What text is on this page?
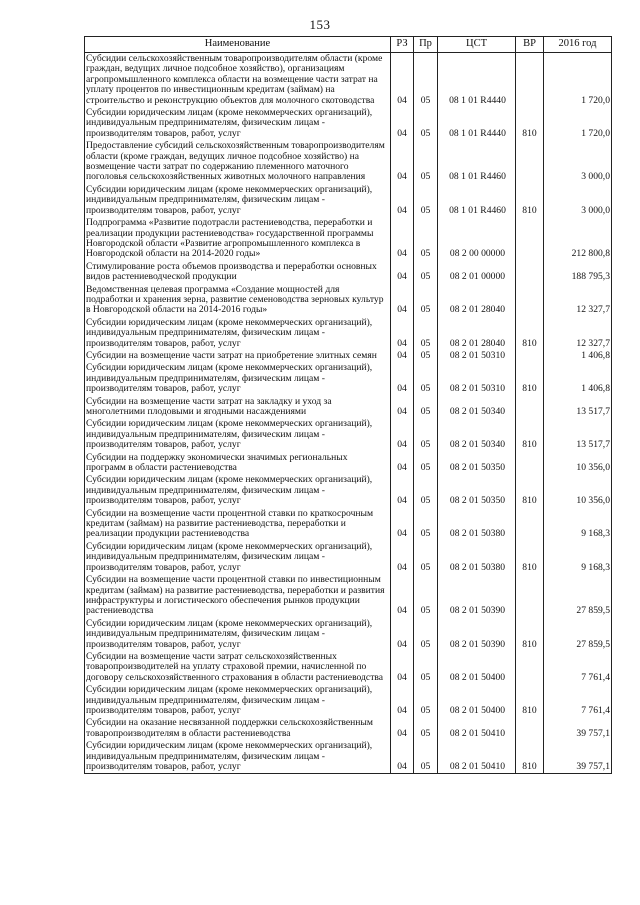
153
Наименование	РЗ	Пр	ЦСТ	ВР	2016 год
Субсидии сельскохозяйственным товаропроизводителям области (кроме граждан, ведущих личное подсобное хозяйство), организациям агропромышленного комплекса области на возмещение части затрат на уплату процентов по инвестиционным кредитам (займам) на строительство и реконструкцию объектов для молочного скотоводства	04	05	08 1 01 R4440		1 720,0
Субсидии юридическим лицам (кроме некоммерческих организаций), индивидуальным предпринимателям, физическим лицам - производителям товаров, работ, услуг	04	05	08 1 01 R4440	810	1 720,0
Предоставление субсидий сельскохозяйственным товаропроизводителям области (кроме граждан, ведущих личное подсобное хозяйство) на возмещение части затрат по содержанию племенного маточного поголовья сельскохозяйственных животных молочного направления	04	05	08 1 01 R4460		3 000,0
Субсидии юридическим лицам (кроме некоммерческих организаций), индивидуальным предпринимателям, физическим лицам - производителям товаров, работ, услуг	04	05	08 1 01 R4460	810	3 000,0
Подпрограмма «Развитие подотрасли растениеводства, переработки и реализации продукции растениеводства» государственной программы Новгородской области «Развитие агропромышленного комплекса в Новгородской области на 2014-2020 годы»	04	05	08 2 00 00000		212 800,8
Стимулирование роста объемов производства и переработки основных видов растениеводческой продукции	04	05	08 2 01 00000		188 795,3
Ведомственная целевая программа «Создание мощностей для подработки и хранения зерна, развитие семеноводства зерновых культур в Новгородской области на 2014-2016 годы»	04	05	08 2 01 28040		12 327,7
Субсидии юридическим лицам (кроме некоммерческих организаций), индивидуальным предпринимателям, физическим лицам - производителям товаров, работ, услуг	04	05	08 2 01 28040	810	12 327,7
Субсидии на возмещение части затрат на приобретение элитных семян	04	05	08 2 01 50310		1 406,8
Субсидии юридическим лицам (кроме некоммерческих организаций), индивидуальным предпринимателям, физическим лицам - производителям товаров, работ, услуг	04	05	08 2 01 50310	810	1 406,8
Субсидии на возмещение части затрат на закладку и уход за многолетними плодовыми и ягодными насаждениями	04	05	08 2 01 50340		13 517,7
Субсидии юридическим лицам (кроме некоммерческих организаций), индивидуальным предпринимателям, физическим лицам - производителям товаров, работ, услуг	04	05	08 2 01 50340	810	13 517,7
Субсидии на поддержку экономически значимых региональных программ в области растениеводства	04	05	08 2 01 50350		10 356,0
Субсидии юридическим лицам (кроме некоммерческих организаций), индивидуальным предпринимателям, физическим лицам - производителям товаров, работ, услуг	04	05	08 2 01 50350	810	10 356,0
Субсидии на возмещение части процентной ставки по краткосрочным кредитам (займам) на развитие растениеводства, переработки и реализации продукции растениеводства	04	05	08 2 01 50380		9 168,3
Субсидии юридическим лицам (кроме некоммерческих организаций), индивидуальным предпринимателям, физическим лицам - производителям товаров, работ, услуг	04	05	08 2 01 50380	810	9 168,3
Субсидии на возмещение части процентной ставки по инвестиционным кредитам (займам) на развитие растениеводства, переработки и развития инфраструктуры и логистического обеспечения рынков продукции растениеводства	04	05	08 2 01 50390		27 859,5
Субсидии юридическим лицам (кроме некоммерческих организаций), индивидуальным предпринимателям, физическим лицам - производителям товаров, работ, услуг	04	05	08 2 01 50390	810	27 859,5
Субсидии на возмещение части затрат сельскохозяйственных товаропроизводителей на уплату страховой премии, начисленной по договору сельскохозяйственного страхования в области растениеводства	04	05	08 2 01 50400		7 761,4
Субсидии юридическим лицам (кроме некоммерческих организаций), индивидуальным предпринимателям, физическим лицам - производителям товаров, работ, услуг	04	05	08 2 01 50400	810	7 761,4
Субсидии на оказание несвязанной поддержки сельскохозяйственным товаропроизводителям в области растениеводства	04	05	08 2 01 50410		39 757,1
Субсидии юридическим лицам (кроме некоммерческих организаций), индивидуальным предпринимателям, физическим лицам - производителям товаров, работ, услуг	04	05	08 2 01 50410	810	39 757,1
